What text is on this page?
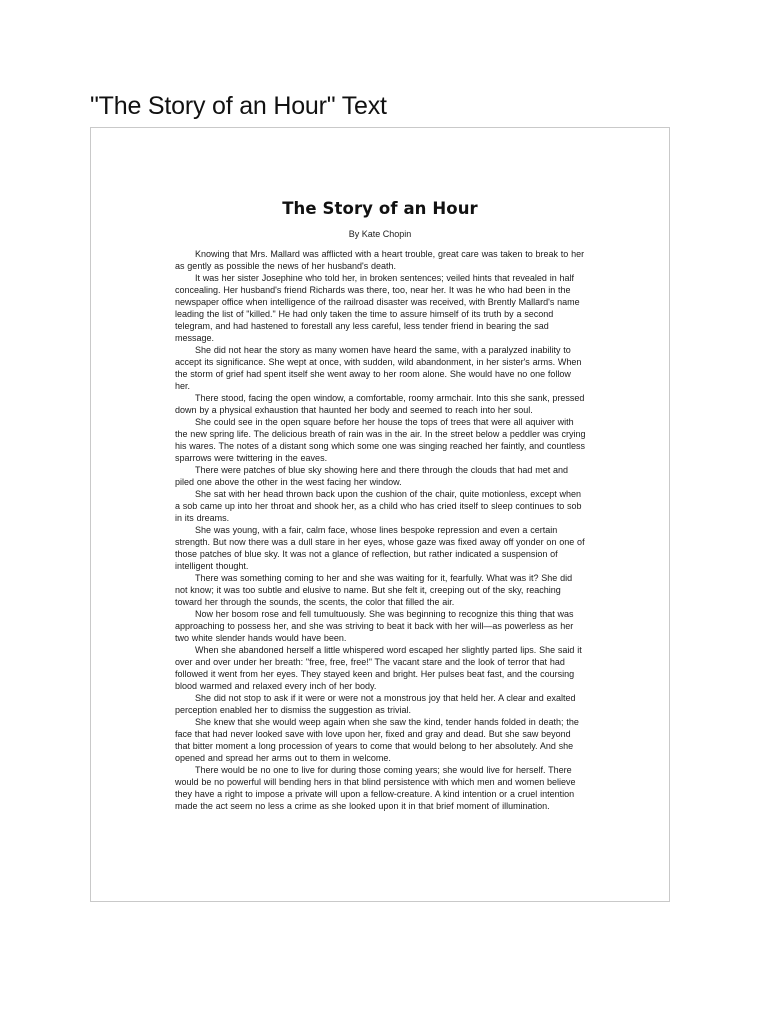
"The Story of an Hour" Text
The Story of an Hour
By Kate Chopin

Knowing that Mrs. Mallard was afflicted with a heart trouble, great care was taken to break to her as gently as possible the news of her husband's death.

It was her sister Josephine who told her, in broken sentences; veiled hints that revealed in half concealing. Her husband's friend Richards was there, too, near her. It was he who had been in the newspaper office when intelligence of the railroad disaster was received, with Brently Mallard's name leading the list of "killed." He had only taken the time to assure himself of its truth by a second telegram, and had hastened to forestall any less careful, less tender friend in bearing the sad message.

She did not hear the story as many women have heard the same, with a paralyzed inability to accept its significance. She wept at once, with sudden, wild abandonment, in her sister's arms. When the storm of grief had spent itself she went away to her room alone. She would have no one follow her.

There stood, facing the open window, a comfortable, roomy armchair. Into this she sank, pressed down by a physical exhaustion that haunted her body and seemed to reach into her soul.

She could see in the open square before her house the tops of trees that were all aquiver with the new spring life. The delicious breath of rain was in the air. In the street below a peddler was crying his wares. The notes of a distant song which some one was singing reached her faintly, and countless sparrows were twittering in the eaves.

There were patches of blue sky showing here and there through the clouds that had met and piled one above the other in the west facing her window.

She sat with her head thrown back upon the cushion of the chair, quite motionless, except when a sob came up into her throat and shook her, as a child who has cried itself to sleep continues to sob in its dreams.

She was young, with a fair, calm face, whose lines bespoke repression and even a certain strength. But now there was a dull stare in her eyes, whose gaze was fixed away off yonder on one of those patches of blue sky. It was not a glance of reflection, but rather indicated a suspension of intelligent thought.

There was something coming to her and she was waiting for it, fearfully. What was it? She did not know; it was too subtle and elusive to name. But she felt it, creeping out of the sky, reaching toward her through the sounds, the scents, the color that filled the air.

Now her bosom rose and fell tumultuously. She was beginning to recognize this thing that was approaching to possess her, and she was striving to beat it back with her will—as powerless as her two white slender hands would have been.

When she abandoned herself a little whispered word escaped her slightly parted lips. She said it over and over under her breath: "free, free, free!" The vacant stare and the look of terror that had followed it went from her eyes. They stayed keen and bright. Her pulses beat fast, and the coursing blood warmed and relaxed every inch of her body.

She did not stop to ask if it were or were not a monstrous joy that held her. A clear and exalted perception enabled her to dismiss the suggestion as trivial.

She knew that she would weep again when she saw the kind, tender hands folded in death; the face that had never looked save with love upon her, fixed and gray and dead. But she saw beyond that bitter moment a long procession of years to come that would belong to her absolutely. And she opened and spread her arms out to them in welcome.

There would be no one to live for during those coming years; she would live for herself. There would be no powerful will bending hers in that blind persistence with which men and women believe they have a right to impose a private will upon a fellow-creature. A kind intention or a cruel intention made the act seem no less a crime as she looked upon it in that brief moment of illumination.
